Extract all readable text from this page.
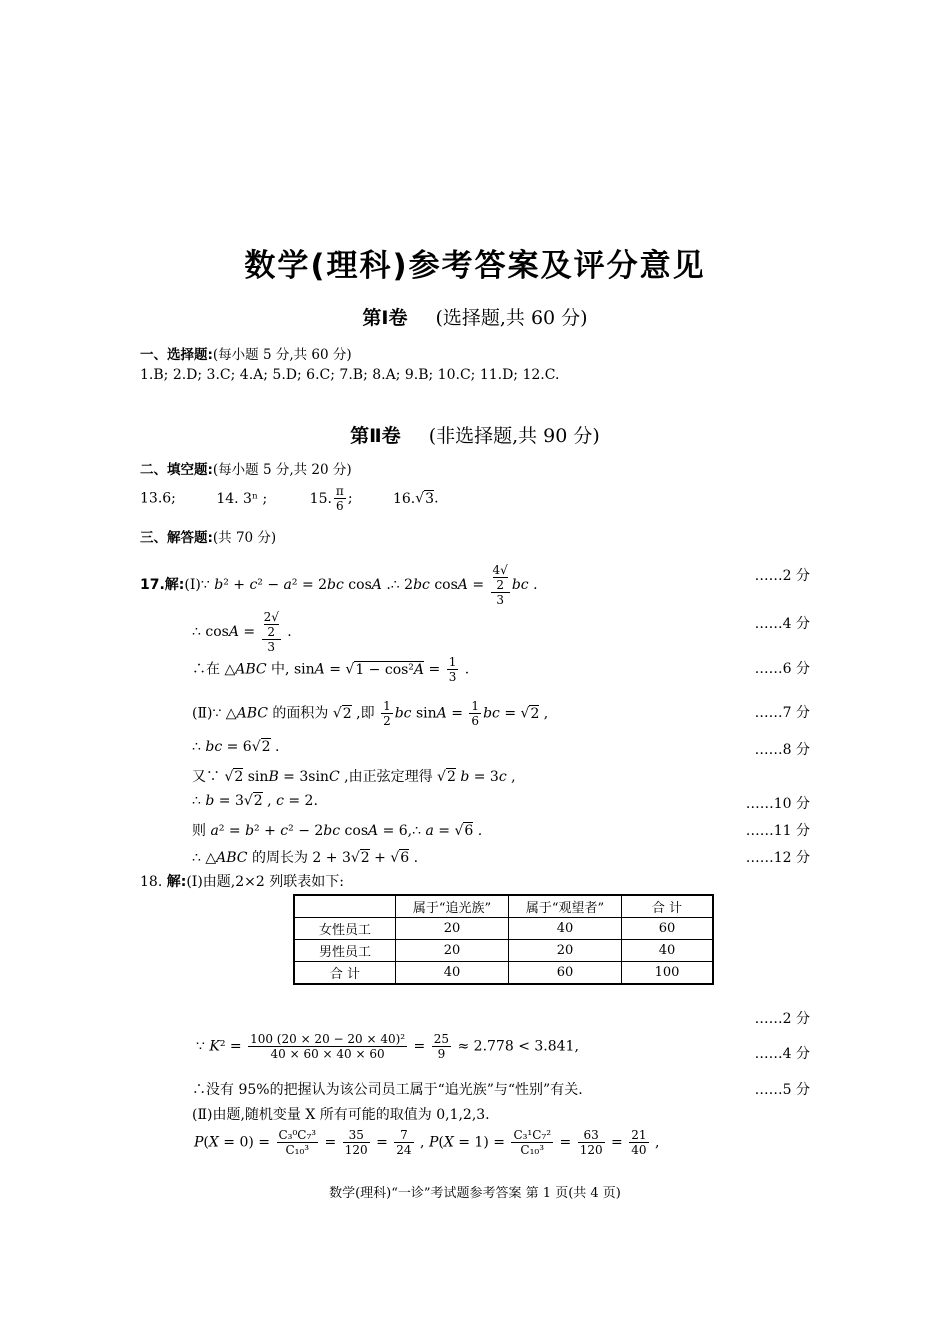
数学(理科)参考答案及评分意见
第Ⅰ卷 (选择题,共 60 分)
一、选择题:(每小题 5 分,共 60 分)
1.B; 2.D; 3.C; 4.A; 5.D; 6.C; 7.B; 8.A; 9.B; 10.C; 11.D; 12.C.
第Ⅱ卷 (非选择题,共 90 分)
二、填空题:(每小题 5 分,共 20 分)
13.6;	14. 3ⁿ ;	15. $\frac{\pi}{6}$ ;	16.√3.
三、解答题:(共 70 分)
17.解:(Ⅰ)∵ b² + c² − a² = 2bc cosA .∴ 2bc cosA = 4√
2
3 bc .
……2 分
∴ cosA = 2√
2
3 .	……4 分
∴在 △ABC 中, $\sin A = √1 - \cos^2A = \frac{1}{3}$ .	……6 分
(Ⅱ)∵ △ABC 的面积为 √2 ,即 $\frac{1}{2}$ bc $\sin A = \frac{1}{6}$ bc = √2 ,	……7 分
∴ bc = 6√2 .	……8 分
又∵ √2 sinB = 3sinC ,由正弦定理得 √2 b = 3c ,
∴ b = 3√2 , c = 2.	……10 分
则 a² = b² + c² − 2bc cosA = 6,∴ a = √6 .	……11 分
∴ △ABC 的周长为 2 + 3√2 + √6 .	……12 分
18. 解:(Ⅰ)由题,2×2 列联表如下:
	属于“追光族”	属于“观望者”	合 计
女性员工	20	40	60
男性员工	20	20	40
合 计	40	60	100
……2 分
∵ $K^2 = \frac{\text{100 (20 × 20 − 20 × 40)²}}{40 \times 60 \times 40 \times 60} = \frac{25}{9} \approx 2.778 < 3.841$,	……4 分
∴没有 95%的把握认为该公司员工属于“追光族”与“性别”有关.	……5 分
(Ⅱ)由题,随机变量 X 所有可能的取值为 0,1,2,3.
$P(X = 0) = \frac{\text{C₃⁰C₇³}}{\text{C₁₀³}} = \frac{35}{120} = \frac{7}{24}$ , $P(X = 1) = \frac{\text{C₃¹C₇²}}{\text{C₁₀³}} = \frac{63}{120} = \frac{21}{40}$ ,
数学(理科)“一诊”考试题参考答案 第 1 页(共 4 页)
